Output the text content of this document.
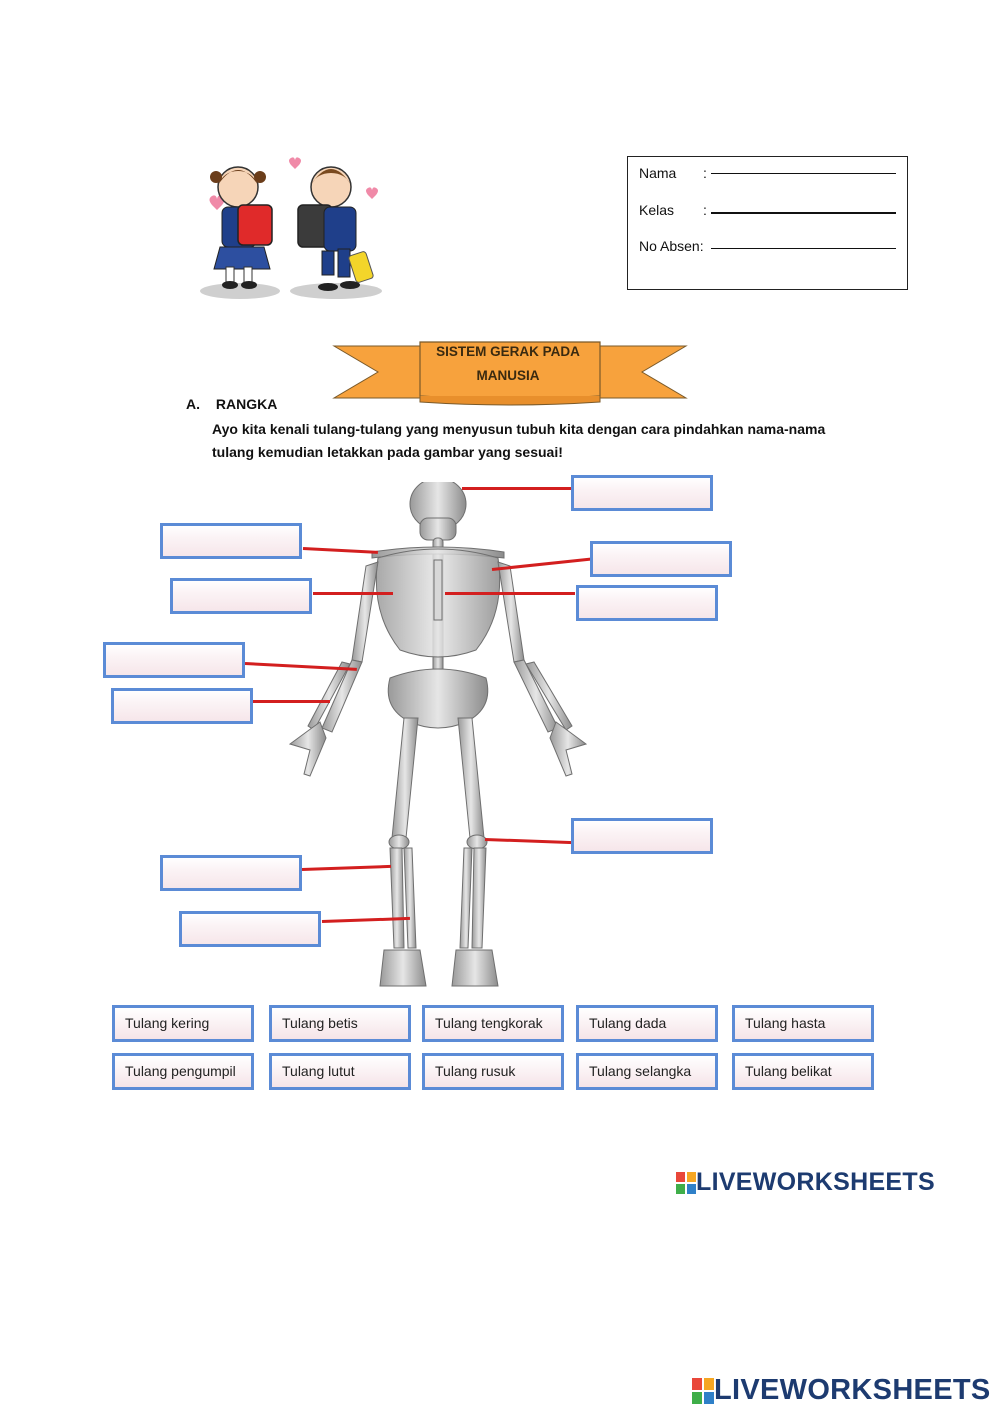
Nama :
Kelas :
No Absen:
SISTEM GERAK PADA
MANUSIA
A. RANGKA
Ayo kita kenali tulang-tulang yang menyusun tubuh kita dengan cara pindahkan nama-nama tulang kemudian letakkan pada gambar yang sesuai!
Tulang kering	Tulang betis	Tulang tengkorak	Tulang dada	Tulang hasta
Tulang pengumpil	Tulang lutut	Tulang rusuk	Tulang selangka	Tulang belikat
LIVEWORKSHEETS
LIVEWORKSHEETS
